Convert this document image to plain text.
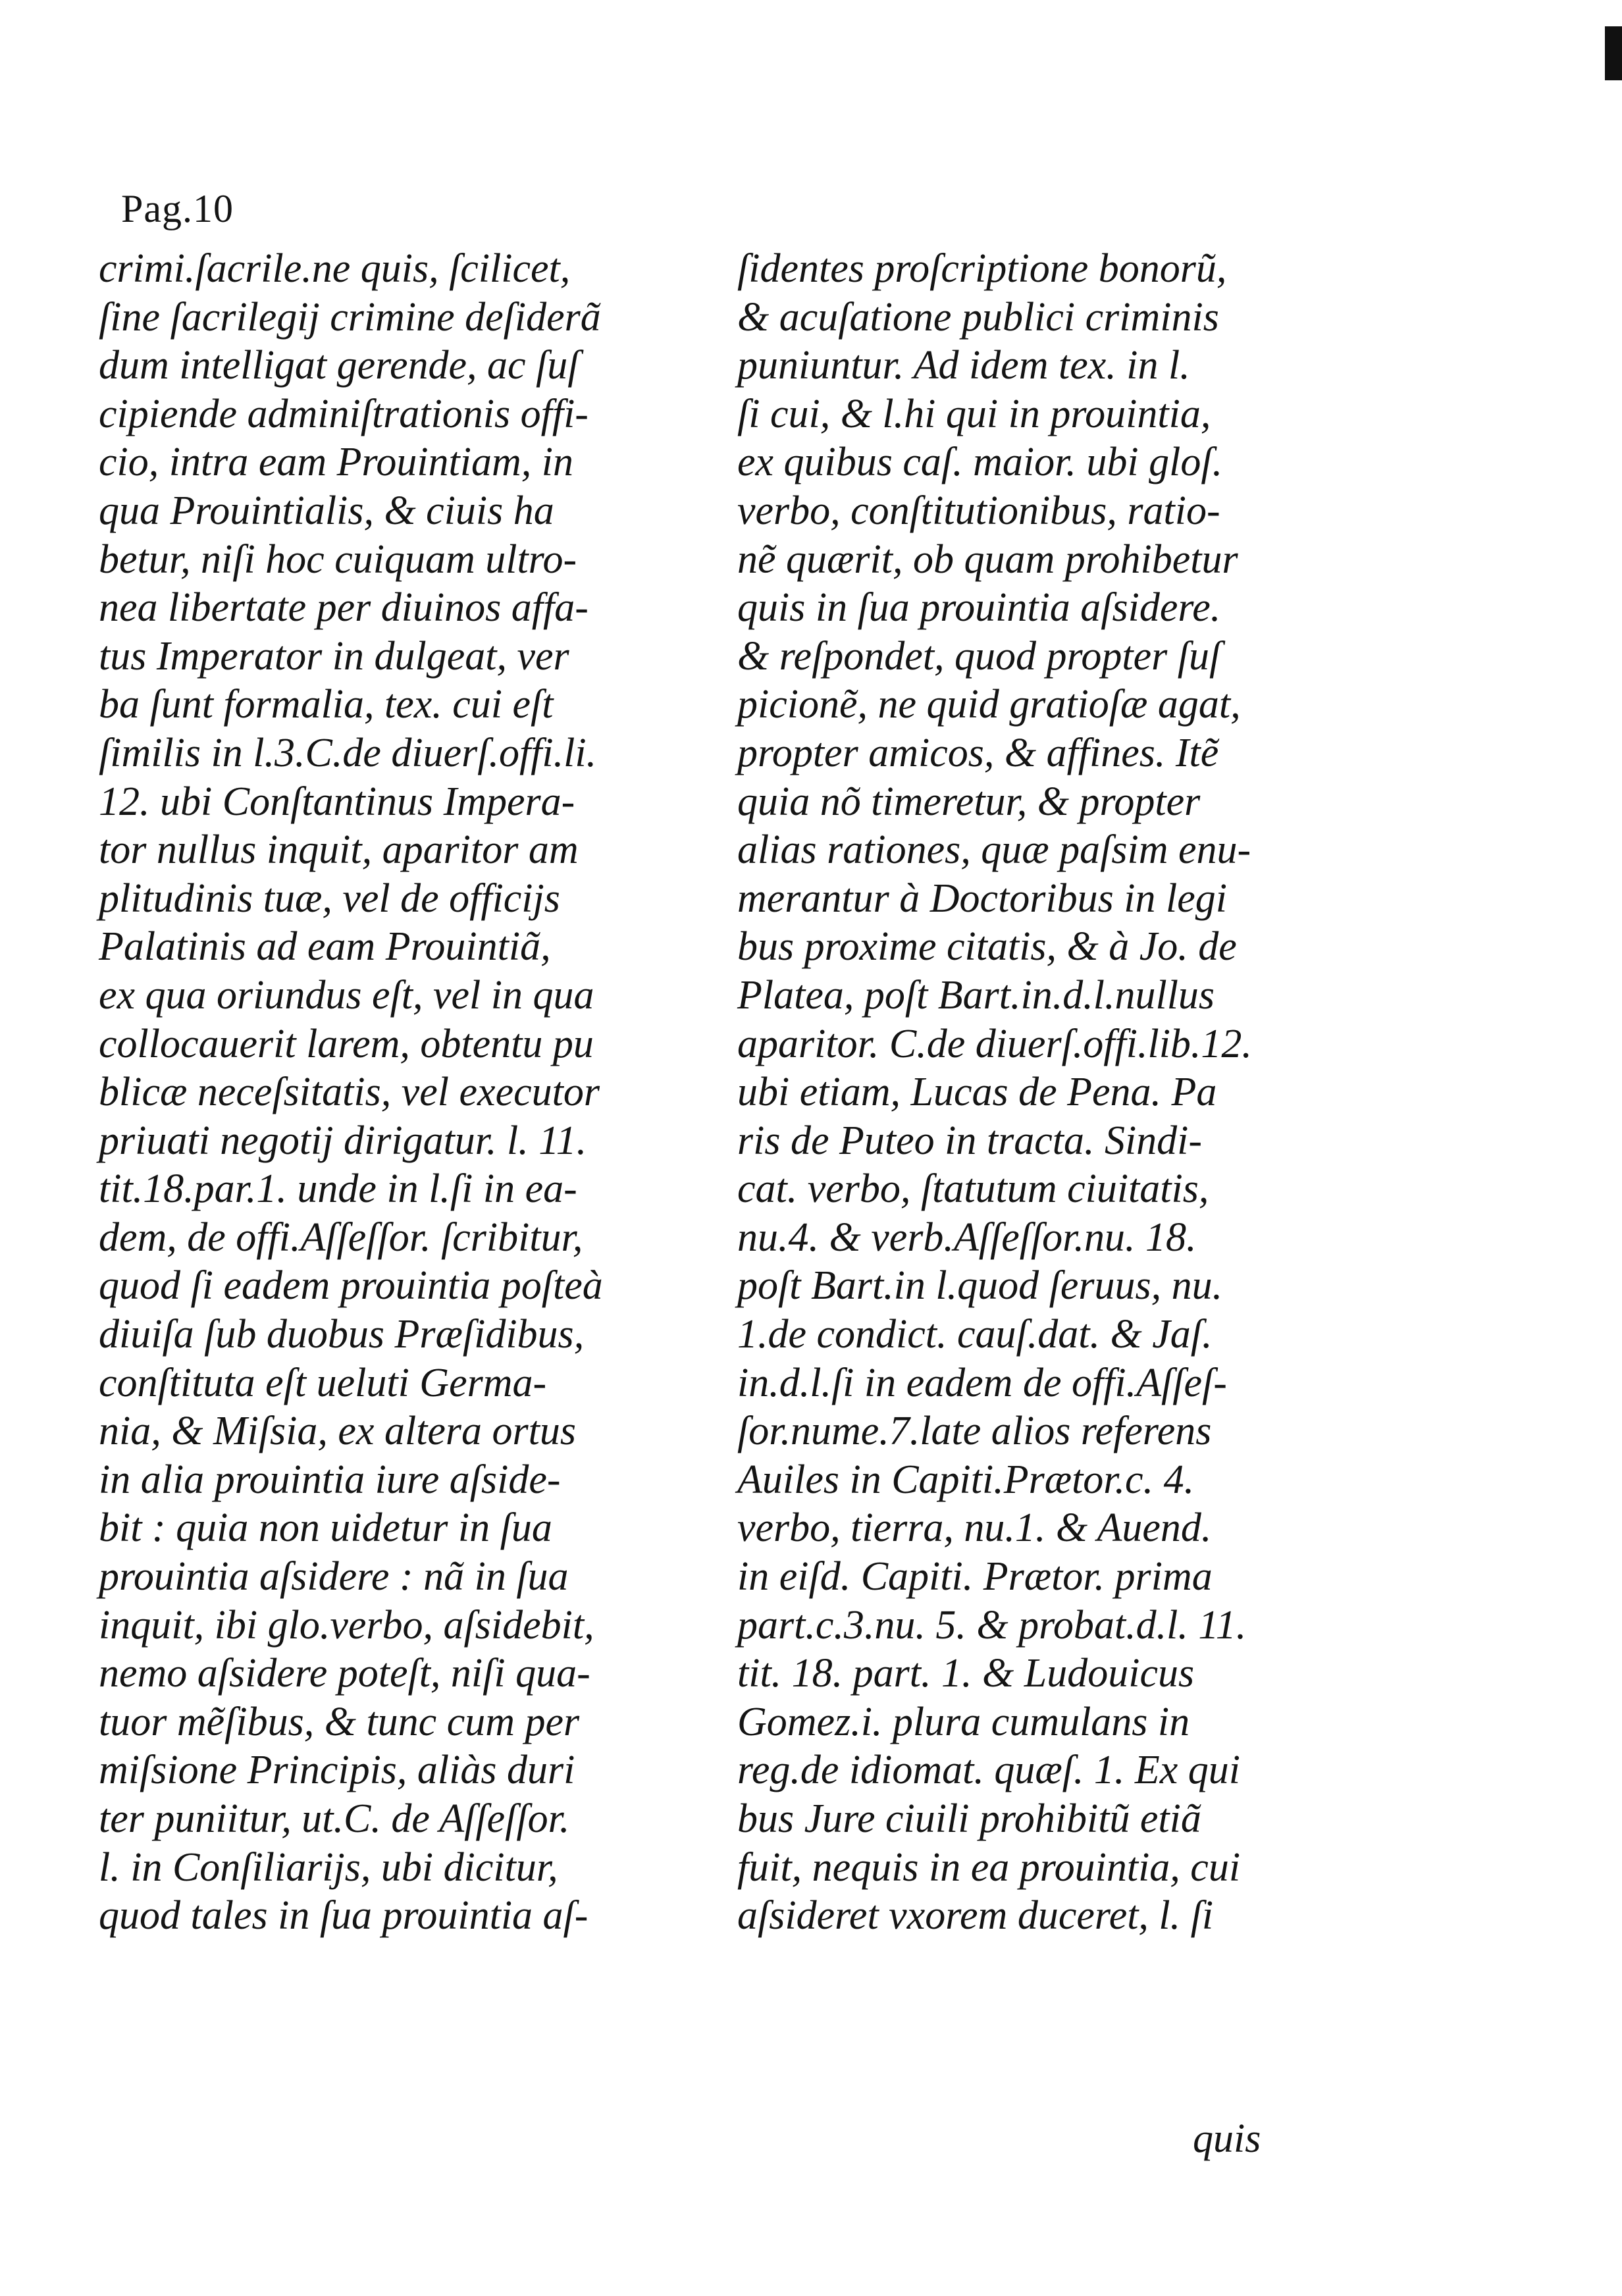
Pag.10
crimi.ſacrile.ne quis, ſcilicet,
ſine ſacrilegij crimine deſiderã
dum intelligat gerende, ac ſuſ
cipiende adminiſtrationis offi-
cio, intra eam Prouintiam, in
qua Prouintialis, & ciuis ha
betur, niſi hoc cuiquam ultro-
nea libertate per diuinos affa-
tus Imperator in dulgeat, ver
ba ſunt formalia, tex. cui eſt
ſimilis in l.3.C.de diuerſ.offi.li.
12. ubi Conſtantinus Impera-
tor nullus inquit, aparitor am
plitudinis tuæ, vel de officijs
Palatinis ad eam Prouintiã,
ex qua oriundus eſt, vel in qua
collocauerit larem, obtentu pu
blicæ neceſsitatis, vel executor
priuati negotij dirigatur. l. 11.
tit.18.par.1. unde in l.ſi in ea-
dem, de offi.Aſſeſſor. ſcribitur,
quod ſi eadem prouintia poſteà
diuiſa ſub duobus Præſidibus,
conſtituta eſt ueluti Germa-
nia, & Miſsia, ex altera ortus
in alia prouintia iure aſside-
bit : quia non uidetur in ſua
prouintia aſsidere : nã in ſua
inquit, ibi glo.verbo, aſsidebit,
nemo aſsidere poteſt, niſi qua-
tuor mẽſibus, & tunc cum per
miſsione Principis, aliàs duri
ter puniitur, ut.C. de Aſſeſſor.
l. in Conſiliarijs, ubi dicitur,
quod tales in ſua prouintia aſ-
ſidentes proſcriptione bonorũ,
& acuſatione publici criminis
puniuntur. Ad idem tex. in l.
ſi cui, & l.hi qui in prouintia,
ex quibus caſ. maior. ubi gloſ.
verbo, conſtitutionibus, ratio-
nẽ quærit, ob quam prohibetur
quis in ſua prouintia aſsidere.
& reſpondet, quod propter ſuſ
picionẽ, ne quid gratioſæ agat,
propter amicos, & affines. Itẽ
quia nõ timeretur, & propter
alias rationes, quæ paſsim enu-
merantur à Doctoribus in legi
bus proxime citatis, & à Jo. de
Platea, poſt Bart.in.d.l.nullus
aparitor. C.de diuerſ.offi.lib.12.
ubi etiam, Lucas de Pena. Pa
ris de Puteo in tracta. Sindi-
cat. verbo, ſtatutum ciuitatis,
nu.4. & verb.Aſſeſſor.nu. 18.
poſt Bart.in l.quod ſeruus, nu.
1.de condict. cauſ.dat. & Jaſ.
in.d.l.ſi in eadem de offi.Aſſeſ-
ſor.nume.7.late alios referens
Auiles in Capiti.Prætor.c. 4.
verbo, tierra, nu.1. & Auend.
in eiſd. Capiti. Prætor. prima
part.c.3.nu. 5. & probat.d.l. 11.
tit. 18. part. 1. & Ludouicus
Gomez.i. plura cumulans in
reg.de idiomat. quæſ. 1. Ex qui
bus Jure ciuili prohibitũ etiã
fuit, nequis in ea prouintia, cui
aſsideret vxorem duceret, l. ſi
quis
